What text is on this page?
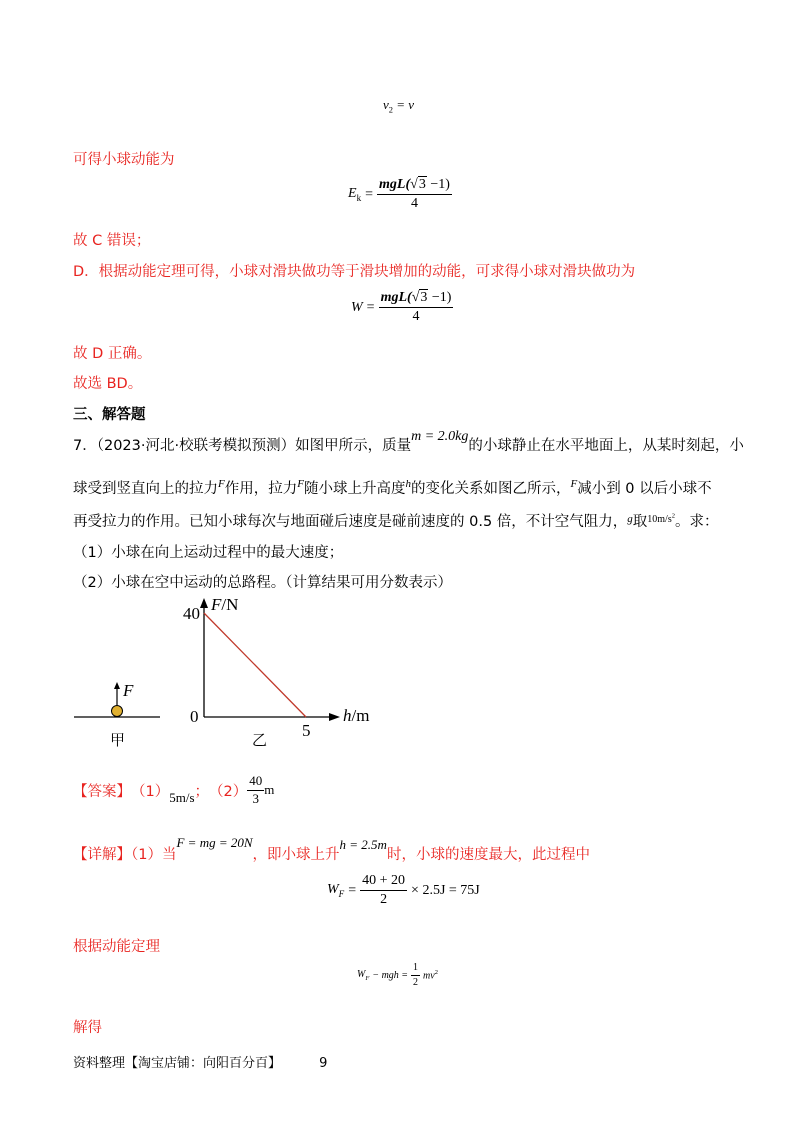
$v_2 = v$
可得小球动能为
$E_k = \frac{\text{mgL(√3 −1)}}{4}$
故 C 错误；
D．根据动能定理可得，小球对滑块做功等于滑块增加的动能，可求得小球对滑块做功为
$W = \frac{\text{mgL(√3 −1)}}{4}$
故 D 正确。
故选 BD。
三、解答题
7．（2023·河北·校联考模拟预测）如图甲所示，质量m = 2.0kg的小球静止在水平地面上，从某时刻起，小
球受到竖直向上的拉力$^F$作用，拉力$^F$随小球上升高度$^h$的变化关系如图乙所示，$^F$减小到 0 以后小球不
再受拉力的作用。已知小球每次与地面碰后速度是碰前速度的 0.5 倍，不计空气阻力，$^g$取$^{10m/s^2}$。求：
（1）小球在向上运动过程中的最大速度；
（2）小球在空中运动的总路程。（计算结果可用分数表示）
F
甲
F/N
h/m
40
0
5
乙
【答案】 （1） 5m/s ； $(2) \frac{40}{3}$ m
【详解】（1）当F = mg = 20N，即小球上升h = 2.5m时，小球的速度最大，此过程中
$W_F = \frac{40 + 20}{2} \times 2.5J = 75J$
根据动能定理
$W_F$ − mgh = $\frac{1}{2} mv^2$
解得
资料整理【淘宝店铺：向阳百分百】	9
